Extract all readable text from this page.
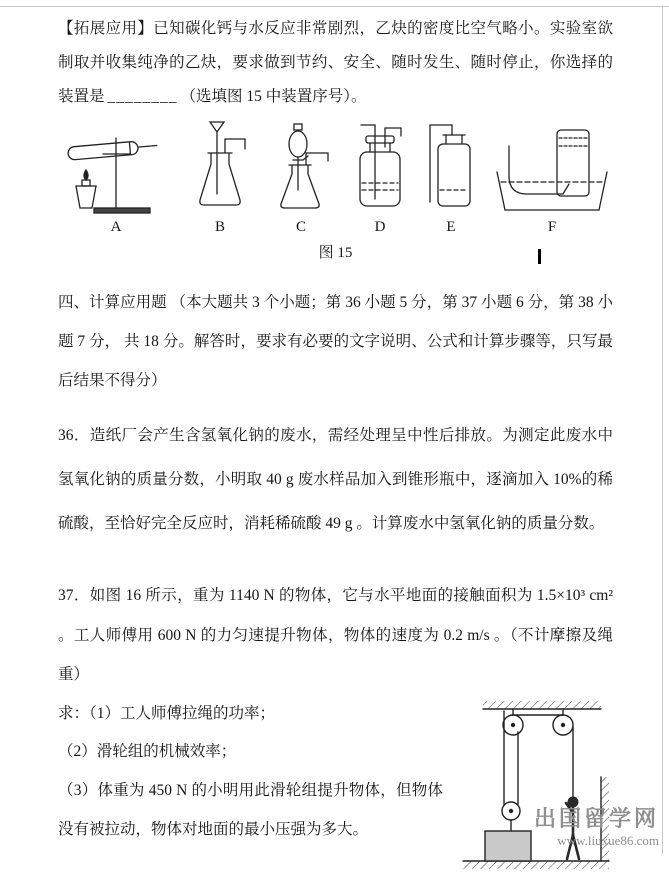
【拓展应用】已知碳化钙与水反应非常剧烈，乙炔的密度比空气略小。实验室欲制取并收集纯净的乙炔，要求做到节约、安全、随时发生、随时停止，你选择的装置是 ________ （选填图 15 中装置序号）。

A	B	C	D	E	F
图 15

四、计算应用题 （本大题共 3 个小题；第 36 小题 5 分，第 37 小题 6 分，第 38 小题 7 分， 共 18 分。解答时，要求有必要的文字说明、公式和计算步骤等，只写最后结果不得分）

36．造纸厂会产生含氢氧化钠的废水，需经处理呈中性后排放。为测定此废水中氢氧化钠的质量分数，小明取 40 g 废水样品加入到锥形瓶中，逐滴加入 10%的稀硫酸，至恰好完全反应时，消耗稀硫酸 49 g 。计算废水中氢氧化钠的质量分数。

37．如图 16 所示，重为 1140 N 的物体，它与水平地面的接触面积为 1.5×10³ cm² 。工人师傅用 600 N 的力匀速提升物体，物体的速度为 0.2 m/s 。（不计摩擦及绳重）

求：（1）工人师傅拉绳的功率；

（2）滑轮组的机械效率；

（3）体重为 450 N 的小明用此滑轮组提升物体，但物体没有被拉动，物体对地面的最小压强为多大。	出国留学网
www.liuxue86.com
